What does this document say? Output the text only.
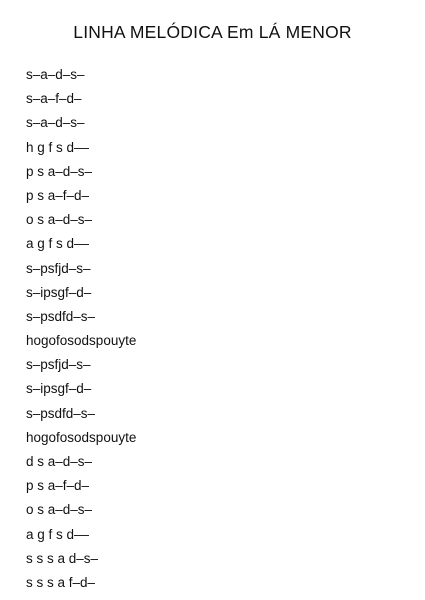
LINHA MELÓDICA Em LÁ MENOR
s–a–d–s–
s–a–f–d–
s–a–d–s–
h g f s d––
p s a–d–s–
p s a–f–d–
o s a–d–s–
a g f s d––
s–psfjd–s–
s–ipsgf–d–
s–psdfd–s–
hogofosodspouyte
s–psfjd–s–
s–ipsgf–d–
s–psdfd–s–
hogofosodspouyte
d s a–d–s–
p s a–f–d–
o s a–d–s–
a g f s d––
s s s a d–s–
s s s a f–d–
